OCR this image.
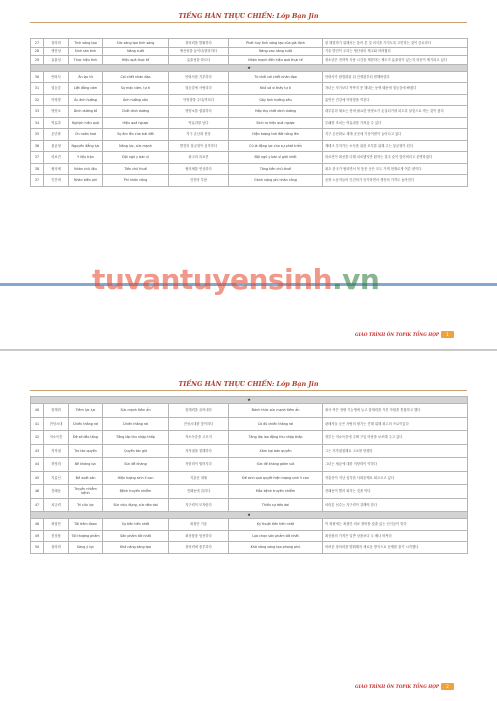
TIẾNG HÀN THỰC CHIẾN: Lớp Bạn Jin
27	창의력	Tính sáng tạo	Sức sáng tạo tính sáng	창의력을 발휘하다	Phát huy tính sáng tạo của giá định	잘 해결하기 위해서는 풀어 본 것 의식을 가지도록 고민하는 것이 중요하다
28	생산성	Sinh sản tính	Năng suất	생산성을 높이다/향상하다	Nâng cao năng suất	기술 발전이 우리는 생산성의 제고와 어려웠다
29	효율성	Thực hiệu tính	Hiệu quả thực tế	효율성을 따르다	Nhận mạnh đến hiệu quả thực tế	청소년은 전략적 사용 시간을 제한하는 제도가 효율성이 있는지 의문이 제기되고 있다
★						
30	안락사	Ân lạc tử	Cái chết nhân đạo	안락사를 거부하다	Từ chối cái chết nhân đạo	안락사가 합법화된 뒤 인생관부터 변해버렸다
31	열등감	Liệt đẳng cảm	Sự mặc cảm, tự ti	열등감에 사람리다	Khổ sở vì thấy tự ti	자녀는 자기보다 똑똑지 못 해내는 동생 때문에 열등감에 빠졌다
32	악영향	Ác ảnh hưởng	Ảnh hưởng xấu	악영향을 주다/끼치다	Gây ảnh hưởng xấu	흡연은 건강에 악영향을 끼친다
33	영양소	Dinh dưỡng tố	Chất dinh dưỡng	영양소를 섭취하다	Hấp thụ chất dinh dưỡng	대부분의 채소는 몸에 필요한 영양소가 손실되기에 되도록 날것으로 먹는 것이 좋다
34	역효과	Nghịch hiệu quả	Hiệu quả ngược	역효과를 낳다	Sinh ra hiệu quả ngược	부패한 조치는 역효과를 가져올 수 있다
35	온난화	Ôn noãn hoá	Sự ấm lên của trái đất	지구 온난화 현상	Hiện tượng trái đất nóng lên	지구 온난화로 세계 곳곳에 기상이변이 늘어나고 있다
36	불균형	Nguyên đẳng lực	Năng lực, sức mạnh	발전의 불균형이 심각하다	Củ là động lực cho sự phát triển	재테크 투자가는 소득을 위한 포부를 위해 주는 불균형이 된다
37	의료진	Y liệu trận	Đội ngũ y bác sĩ	최고의 의료진	Đội ngũ y bác sĩ giỏi nhất	의료진이 최선을 다해 치료했지만 환자는 결국 숨이 멎어버리고 운명하였다
38	협의체	Nhân chủ liệu	Tiền chủ thuế	협의체를 연상하다	Tăng tiền chủ thuế	최초 한국가 협의면서 북 통문 곳은 모두 가게 현재로게 여론 편이다
37	인간애	Nhân biên phì	Phí nhân công	인건비 부담	Gánh nặng phí nhân công	공장 노동자들의 인건비가 증가하면서 생산의 가격도 높아진다
GIÁO TRÌNH ÔN TOPIK TỔNG HỢP	1
TIẾNG HÀN THỰC CHIẾN: Lớp Bạn Jin
★						
40	잠재력	Tiềm lực lực	Sức mạnh tiềm ẩn	잠재력을 끌어내다	Đánh thức sức mạnh tiềm ẩn	최사 측은 정량 기능생에 늘고 잠재력을 가진 자원을 통합하고 했다
41	전성시대	Chiến thắng rơi	Chiến thắng rơi	전성시대를 맞이하다	Có đủ chiến thắng rơi	판매자들 등은 사람의 평가는 견해 위해 최고의 프로이있다
42	저소득층	Đê sở đắc tầng	Tầng lớp thu nhập thấp	저소득층을 고르지	Tăng lớp lao động thu nhập thấp	정부는 저소득층에 주택 구입 비용을 보조해 주고 있다
43	저작권	Trư tác quyền	Quyền tác giả	저작권을 침해하다	Xâm hại bản quyền	그는 저작권침해로 고소를 당했다
44	허영력	Bê khàng lực	Sức đề kháng	저항력이 떨어지다	Sức đề kháng giảm sút	그녀는 세균에 대한 저항력이 약하다
45	지름신	Đế xuất sản	Hiện tượng sinh lí con	지출신 대체	Đế sinh quá quyết hiện tượng sinh lí con	저출산이 지난 심각한 사회문제로 떠오르고 있다
46	전래동	Truyền nhiễm bệnh	Bệnh truyền nhiễm	전래동에 걸리다	Mắc bệnh truyền nhiễm	전래동이 빨리 퍼지는 것을 막다
47	치규력	Trí cửu lực	Sức chịu đựng, sức dẻo dai	지구력이 모자란다	Thiếu sự dẻo dai	마라톤 선수는 지구력이 강해야 한다
★						
48	최첨단	Tối tiêm đoan	Sự tiên tiến nhất	최첨단 기술	Kỹ thuật tiên tiến nhất	이 회원에는 최첨단 의료 장비를 갖춘 있는 신식들이 맡다
49	친상품	Tối thượng phẩm	Sản phẩm tốt nhất	최상품을 엄선하다	Lựa chọn sản phẩm tốt nhất	최상품의 가격은 일반 상품보다 두 배나 비싸다
50	창의력	Sáng ý lực	Khả năng sáng tạo	창의력에 풍부하다	Khả năng sáng tạo phong phú	어려운 창의력을 발휘해서 새로운 방식으로 문제를 풀기 시작했다
GIÁO TRÌNH ÔN TOPIK TỔNG HỢP	2
tuvantuyensinh.vn
